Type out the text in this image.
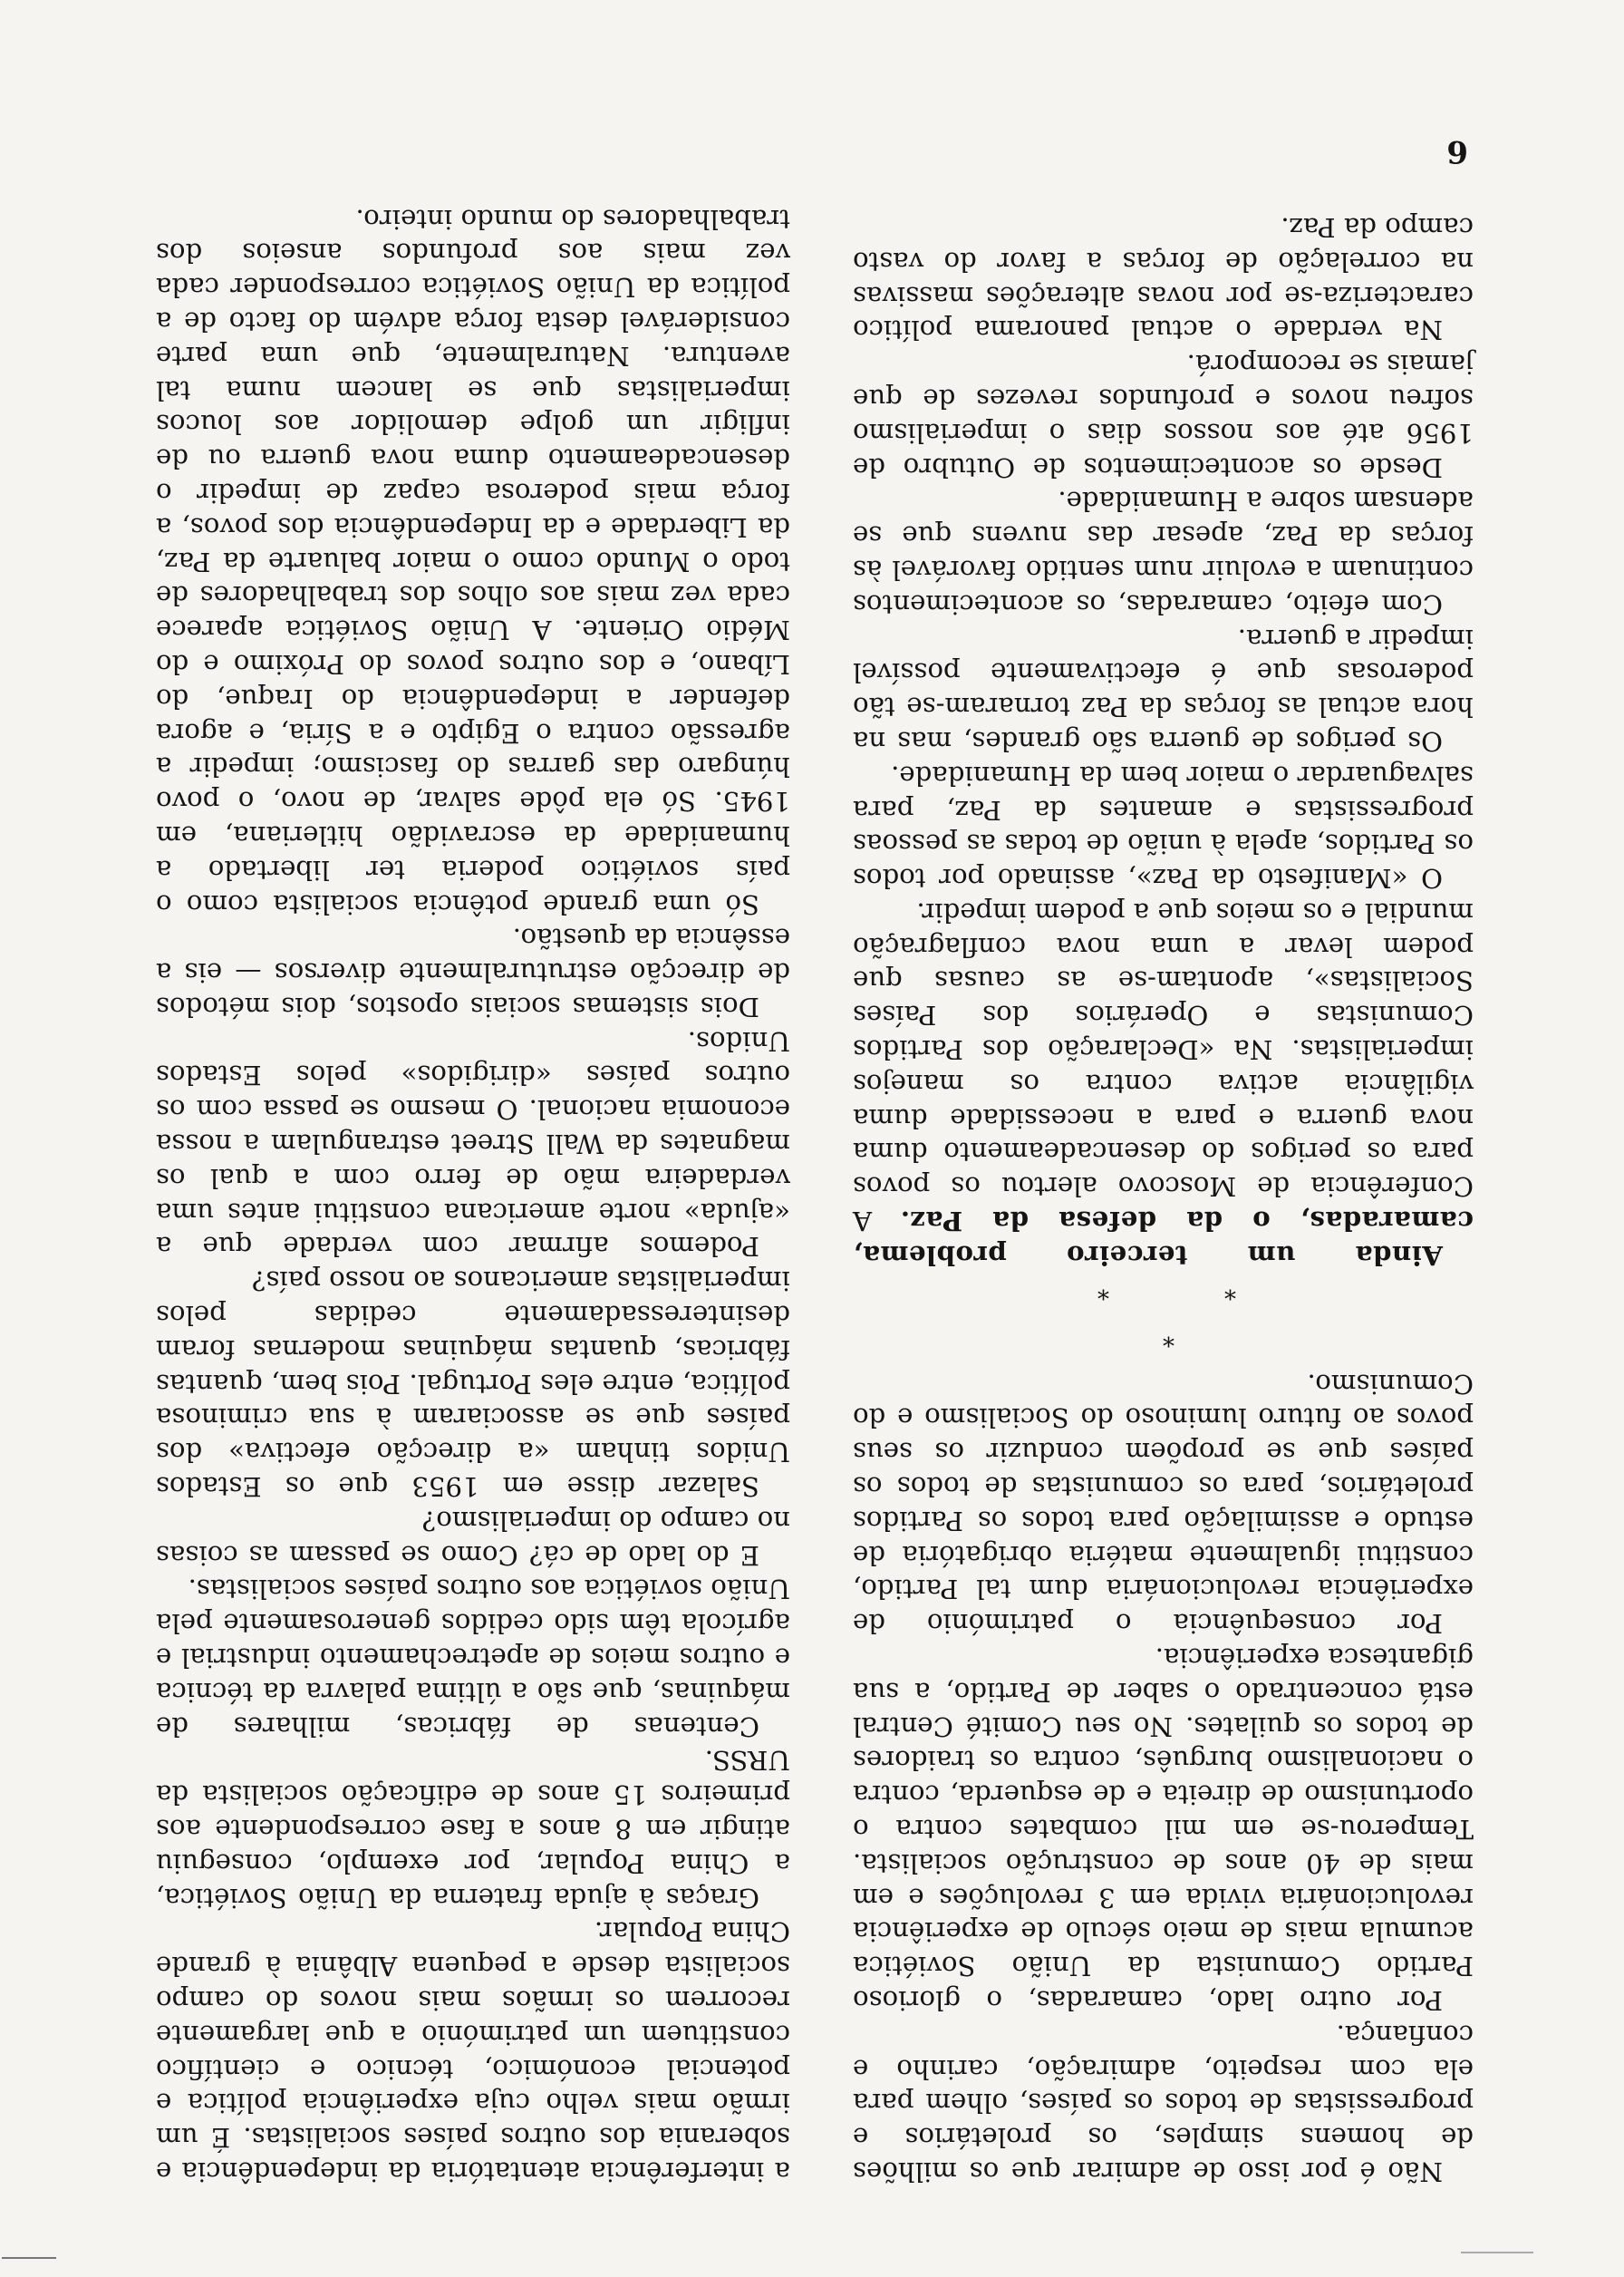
a interferência atentatória da independência e soberania dos outros países socialistas. É um irmão mais velho cuja experiência política e potencial económico, técnico e científico constituem um património a que largamente recorrem os irmãos mais novos do campo socialista desde a pequena Albânia à grande China Popular.

Graças à ajuda fraterna da União Soviética, a China Popular, por exemplo, conseguiu atingir em 8 anos a fase correspondente aos primeiros 15 anos de edificação socialista da URSS.

Centenas de fábricas, milhares de máquinas, que são a última palavra da técnica e outros meios de apetrechamento industrial e agrícola têm sido cedidos generosamente pela União soviética aos outros países socialistas.

E do lado de cá? Como se passam as coisas no campo do imperialismo?

Salazar disse em 1953 que os Estados Unidos tinham «a direcção efectiva» dos países que se associaram à sua criminosa política, entre eles Portugal. Pois bem, quantas fábricas, quantas máquinas modernas foram desinteressadamente cedidas pelos imperialistas americanos ao nosso país?

Podemos afirmar com verdade que a «ajuda» norte americana constitui antes uma verdadeira mão de ferro com a qual os magnates da Wall Street estrangulam a nossa economia nacional. O mesmo se passa com os outros países «dirigidos» pelos Estados Unidos.

Dois sistemas sociais opostos, dois métodos de direcção estruturalmente diversos — eis a essência da questão.

Só uma grande potência socialista como o país soviético poderia ter libertado a humanidade da escravidão hitleriana, em 1945. Só ela pôde salvar, de novo, o povo húngaro das garras do fascismo; impedir a agressão contra o Egipto e a Síria, e agora defender a independência do Iraque, do Líbano, e dos outros povos do Próximo e do Médio Oriente. A União Soviética aparece cada vez mais aos olhos dos trabalhadores de todo o Mundo como o maior baluarte da Paz, da Liberdade e da Independência dos povos, a força mais poderosa capaz de impedir o desencadeamento duma nova guerra ou de infligir um golpe demolidor aos loucos imperialistas que se lancem numa tal aventura. Naturalmente, que uma parte considerável desta força advém do facto de a política da União Soviética corresponder cada vez mais aos profundos anseios dos trabalhadores do mundo inteiro.

Não é por isso de admirar que os milhões de homens simples, os proletários e progressistas de todos os países, olhem para ela com respeito, admiração, carinho e confiança.

Por outro lado, camaradas, o glorioso Partido Comunista da União Soviética acumula mais de meio século de experiência revolucionária vivida em 3 revoluções e em mais de 40 anos de construção socialista. Temperou-se em mil combates contra o oportunismo de direita e de esquerda, contra o nacionalismo burguês, contra os traidores de todos os quilates. No seu Comité Central está concentrado o saber de Partido, a sua gigantesca experiência.

Por consequência o património de experiência revolucionária dum tal Partido, constitui igualmente matéria obrigatória de estudo e assimilação para todos os Partidos proletários, para os comunistas de todos os países que se propõem conduzir os seus povos ao futuro luminoso do Socialismo e do Comunismo.

*
*
*

Ainda um terceiro problema, camaradas, o da defesa da Paz. A Conferência de Moscovo alertou os povos para os perigos do desencadeamento duma nova guerra e para a necessidade duma vigilância activa contra os manejos imperialistas. Na «Declaração dos Partidos Comunistas e Operários dos Países Socialistas», apontam-se as causas que podem levar a uma nova conflagração mundial e os meios que a podem impedir.

O «Manifesto da Paz», assinado por todos os Partidos, apela à união de todas as pessoas progressistas e amantes da Paz, para salvaguardar o maior bem da Humanidade.

Os perigos de guerra são grandes, mas na hora actual as forças da Paz tornaram-se tão poderosas que é efectivamente possível impedir a guerra.

Com efeito, camaradas, os acontecimentos continuam a evoluir num sentido favorável às forças da Paz, apesar das nuvens que se adensam sobre a Humanidade.

Desde os acontecimentos de Outubro de 1956 até aos nossos dias o imperialismo sofreu novos e profundos revezes de que jamais se recomporá.

Na verdade o actual panorama político caracteriza-se por novas alterações massivas na correlação de forças a favor do vasto campo da Paz.

6
